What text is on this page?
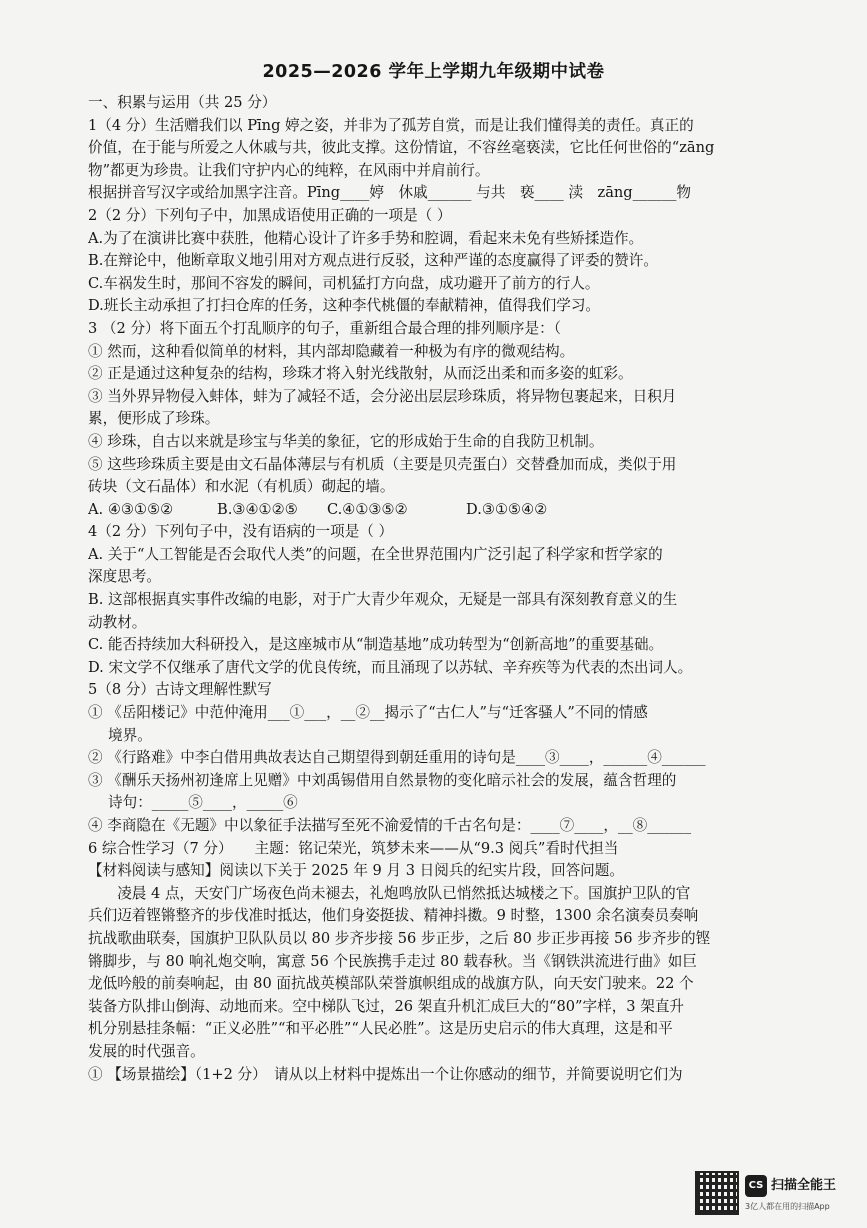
2025—2026 学年上学期九年级期中试卷
一、积累与运用（共 25 分）
1（4 分）生活赠我们以 Pīng 婷之姿，并非为了孤芳自赏，而是让我们懂得美的责任。真正的
价值，在于能与所爱之人休戚与共，彼此支撑。这份情谊，不容丝毫亵渎，它比任何世俗的“zāng
物”都更为珍贵。让我们守护内心的纯粹，在风雨中并肩前行。
根据拼音写汉字或给加黑字注音。Pīng____婷　休戚______ 与共　亵____ 渎　zāng______物
2（2 分）下列句子中，加黑成语使用正确的一项是（ ）
A.为了在演讲比赛中获胜，他精心设计了许多手势和腔调，看起来未免有些矫揉造作。
B.在辩论中，他断章取义地引用对方观点进行反驳，这种严谨的态度赢得了评委的赞许。
C.车祸发生时，那间不容发的瞬间，司机猛打方向盘，成功避开了前方的行人。
D.班长主动承担了打扫仓库的任务，这种李代桃僵的奉献精神，值得我们学习。
3 （2 分）将下面五个打乱顺序的句子，重新组合最合理的排列顺序是：（
① 然而，这种看似简单的材料，其内部却隐藏着一种极为有序的微观结构。
② 正是通过这种复杂的结构，珍珠才将入射光线散射，从而泛出柔和而多姿的虹彩。
③ 当外界异物侵入蚌体，蚌为了减轻不适，会分泌出层层珍珠质，将异物包裹起来，日积月
累，便形成了珍珠。
④ 珍珠，自古以来就是珍宝与华美的象征，它的形成始于生命的自我防卫机制。
⑤ 这些珍珠质主要是由文石晶体薄层与有机质（主要是贝壳蛋白）交替叠加而成，类似于用
砖块（文石晶体）和水泥（有机质）砌起的墙。
A. ④③①⑤②　　　B.③④①②⑤　　C.④①③⑤②　　　　D.③①⑤④②
4（2 分）下列句子中，没有语病的一项是（ ）
A. 关于“人工智能是否会取代人类”的问题，在全世界范围内广泛引起了科学家和哲学家的
深度思考。
B. 这部根据真实事件改编的电影，对于广大青少年观众，无疑是一部具有深刻教育意义的生
动教材。
C. 能否持续加大科研投入，是这座城市从“制造基地”成功转型为“创新高地”的重要基础。
D. 宋文学不仅继承了唐代文学的优良传统，而且涌现了以苏轼、辛弃疾等为代表的杰出词人。
5（8 分）古诗文理解性默写
① 《岳阳楼记》中范仲淹用___①___，__②__揭示了“古仁人”与“迁客骚人”不同的情感
境界。
② 《行路难》中李白借用典故表达自己期望得到朝廷重用的诗句是____③____，______④______
③ 《酬乐天扬州初逢席上见赠》中刘禹锡借用自然景物的变化暗示社会的发展，蕴含哲理的
诗句：_____⑤____，_____⑥
④ 李商隐在《无题》中以象征手法描写至死不渝爱情的千古名句是：____⑦____，__⑧______
6 综合性学习（7 分）　　主题：铭记荣光，筑梦未来——从“9.3 阅兵”看时代担当
【材料阅读与感知】阅读以下关于 2025 年 9 月 3 日阅兵的纪实片段，回答问题。
　　凌晨 4 点，天安门广场夜色尚未褪去，礼炮鸣放队已悄然抵达城楼之下。国旗护卫队的官
兵们迈着铿锵整齐的步伐准时抵达，他们身姿挺拔、精神抖擞。9 时整，1300 余名演奏员奏响
抗战歌曲联奏，国旗护卫队队员以 80 步齐步接 56 步正步，之后 80 步正步再接 56 步齐步的铿
锵脚步，与 80 响礼炮交响，寓意 56 个民族携手走过 80 载春秋。当《钢铁洪流进行曲》如巨
龙低吟般的前奏响起，由 80 面抗战英模部队荣誉旗帜组成的战旗方队，向天安门驶来。22 个
装备方队排山倒海、动地而来。空中梯队飞过，26 架直升机汇成巨大的“80”字样，3 架直升
机分别悬挂条幅：“正义必胜”“和平必胜”“人民必胜”。这是历史启示的伟大真理，这是和平
发展的时代强音。
① 【场景描绘】（1+2 分）　请从以上材料中提炼出一个让你感动的细节，并简要说明它们为
CS 扫描全能王
3亿人都在用的扫描App
